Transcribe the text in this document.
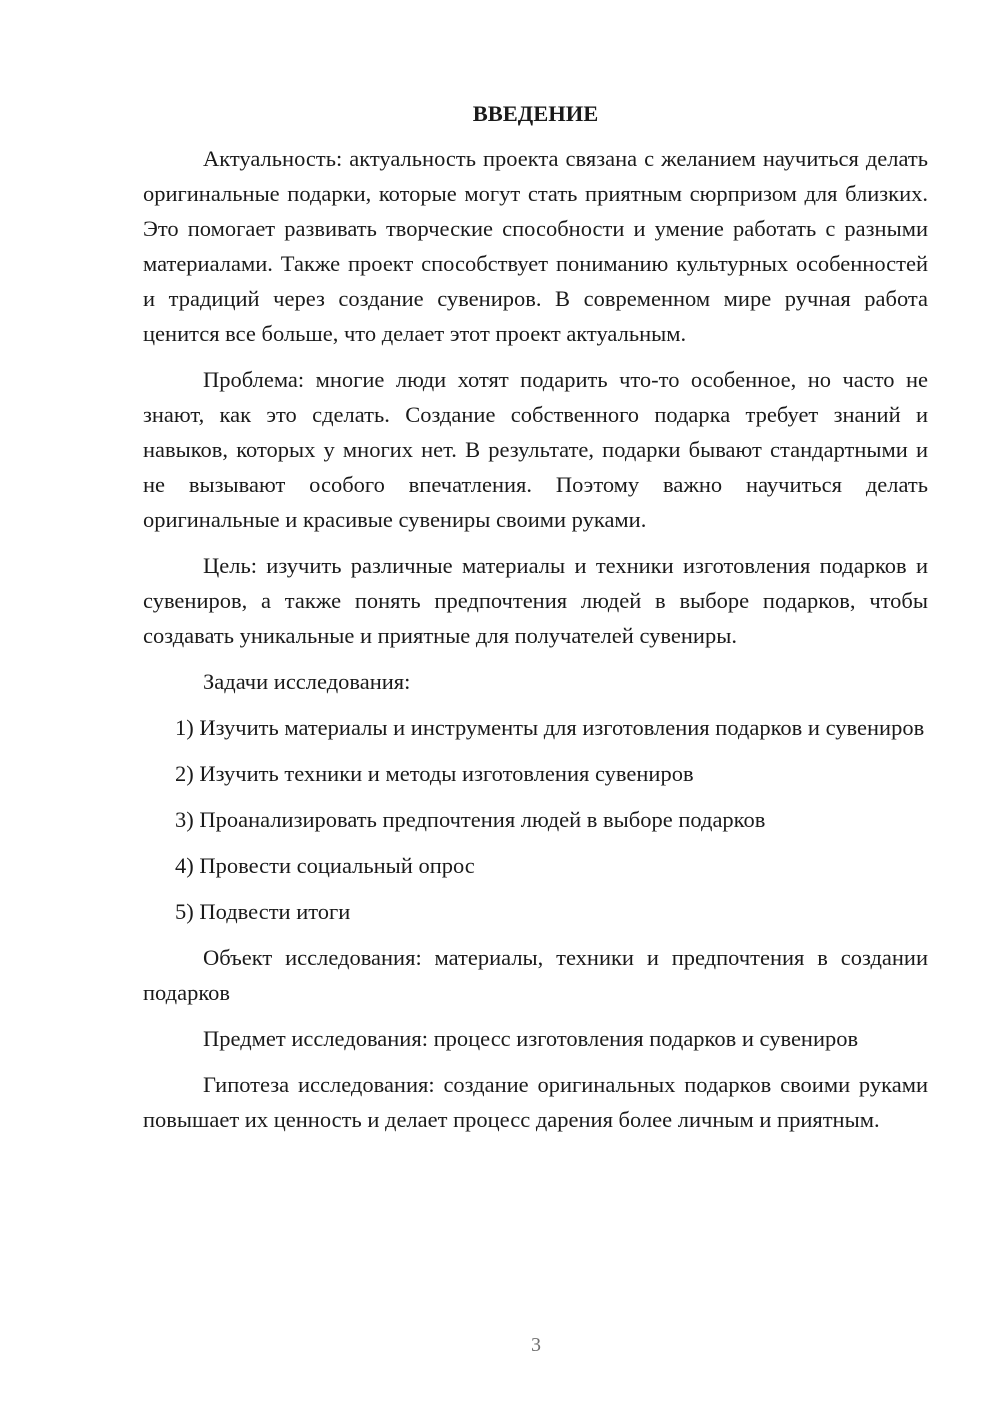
ВВЕДЕНИЕ

Актуальность: актуальность проекта связана с желанием научиться делать оригинальные подарки, которые могут стать приятным сюрпризом для близких. Это помогает развивать творческие способности и умение работать с разными материалами. Также проект способствует пониманию культурных особенностей и традиций через создание сувениров. В современном мире ручная работа ценится все больше, что делает этот проект актуальным.

Проблема: многие люди хотят подарить что-то особенное, но часто не знают, как это сделать. Создание собственного подарка требует знаний и навыков, которых у многих нет. В результате, подарки бывают стандартными и не вызывают особого впечатления. Поэтому важно научиться делать оригинальные и красивые сувениры своими руками.

Цель: изучить различные материалы и техники изготовления подарков и сувениров, а также понять предпочтения людей в выборе подарков, чтобы создавать уникальные и приятные для получателей сувениры.

Задачи исследования:

1) Изучить материалы и инструменты для изготовления подарков и сувениров

2) Изучить техники и методы изготовления сувениров

3) Проанализировать предпочтения людей в выборе подарков

4) Провести социальный опрос

5) Подвести итоги

Объект исследования: материалы, техники и предпочтения в создании подарков

Предмет исследования: процесс изготовления подарков и сувениров

Гипотеза исследования: создание оригинальных подарков своими руками повышает их ценность и делает процесс дарения более личным и приятным.

3
